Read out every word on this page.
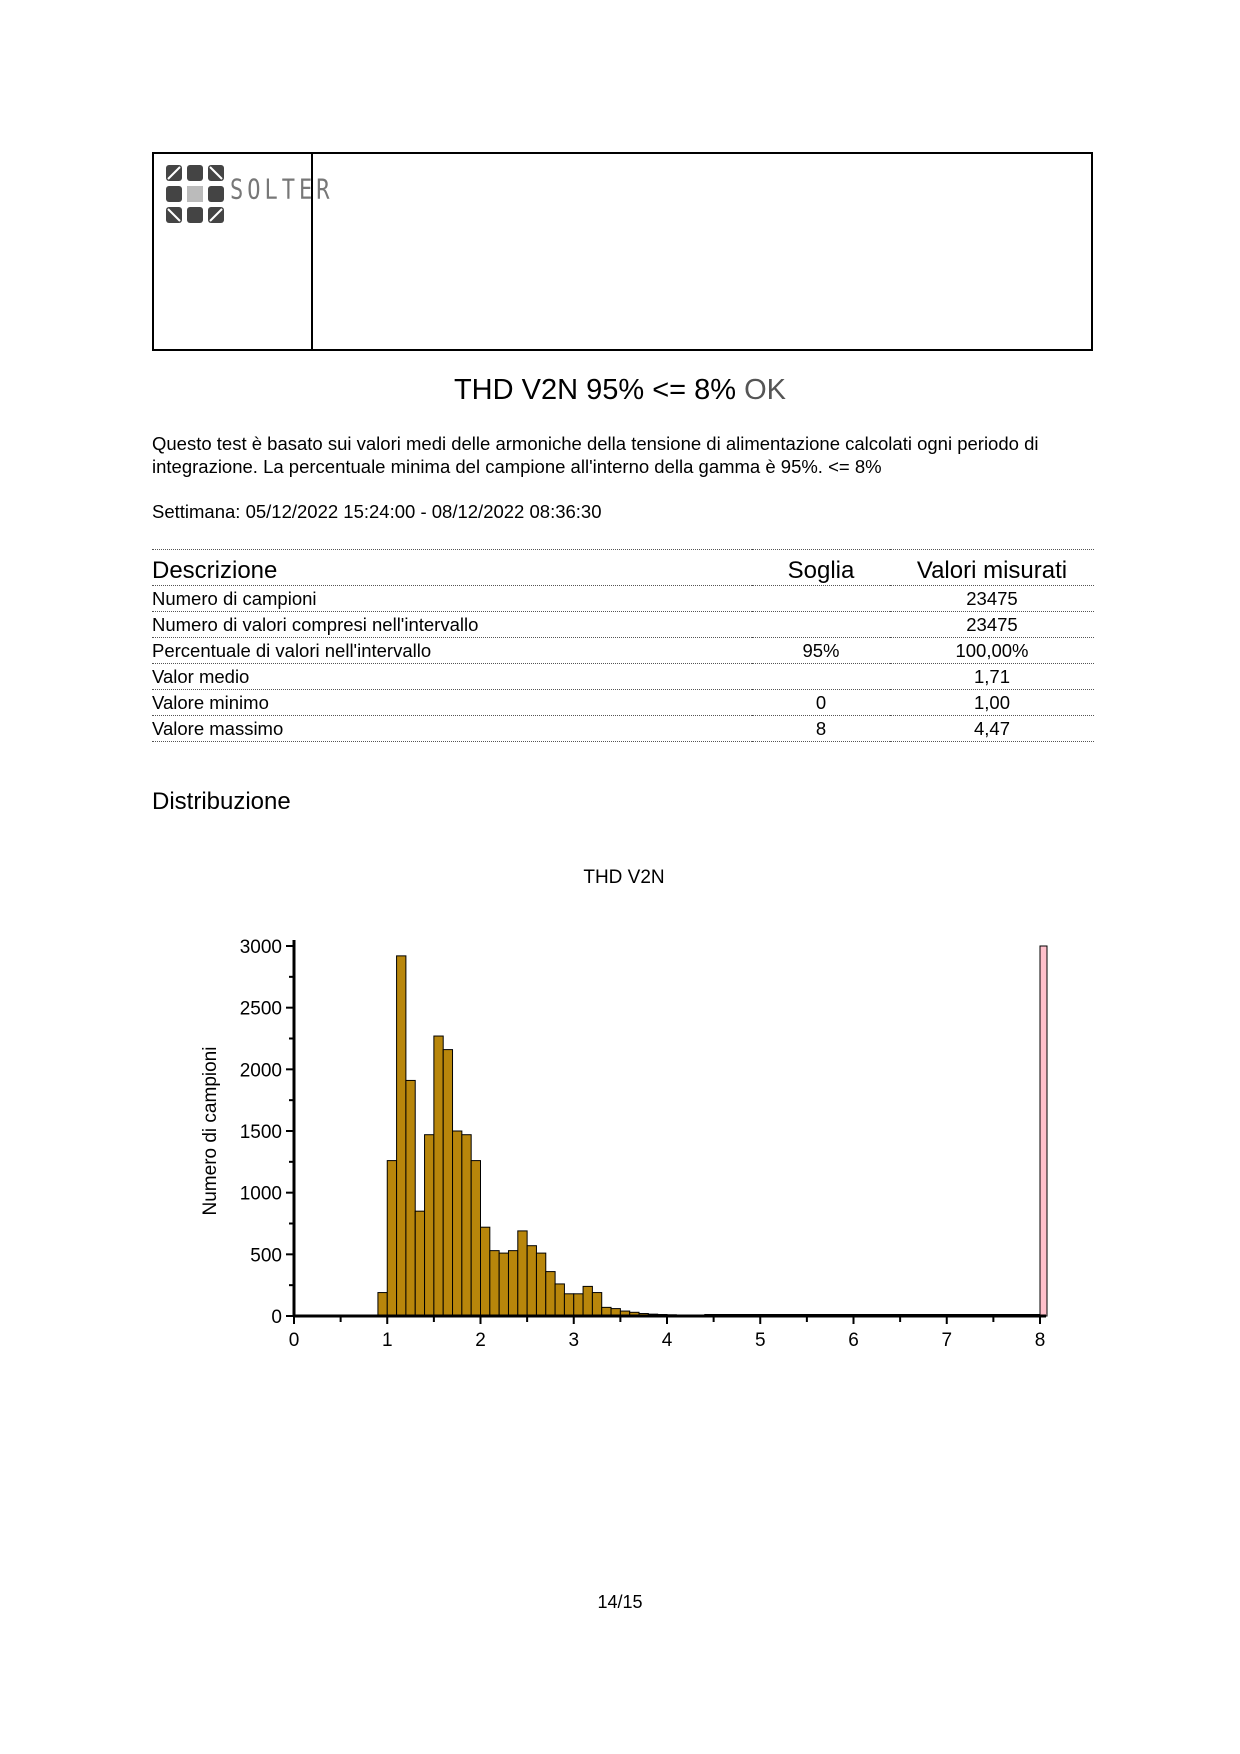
SOLTER
THD V2N 95% <= 8% OK
Questo test è basato sui valori medi delle armoniche della tensione di alimentazione calcolati ogni periodo di integrazione. La percentuale minima del campione all'interno della gamma è 95%. <= 8%
Settimana: 05/12/2022 15:24:00 - 08/12/2022 08:36:30
Descrizione	Soglia	Valori misurati
Numero di campioni		23475
Numero di valori compresi nell'intervallo		23475
Percentuale di valori nell'intervallo	95%	100,00%
Valor medio		1,71
Valore minimo	0	1,00
Valore massimo	8	4,47
Distribuzione
THD V2N
Numero di campioni
0
500
1000
1500
2000
2500
3000
0	1	2	3	4	5	6	7	8
14/15
